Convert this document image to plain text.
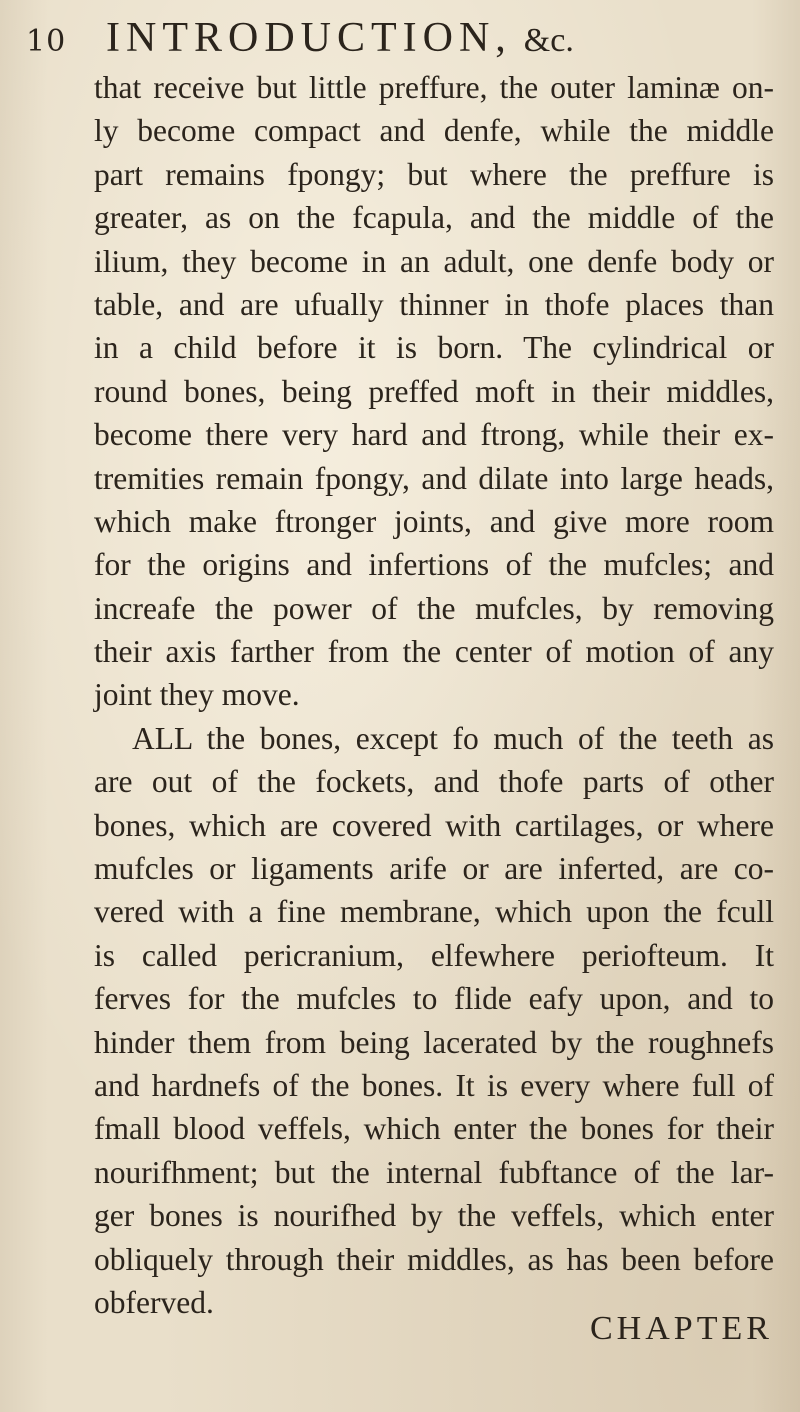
10 INTRODUCTION, &c.
that receive but little preffure, the outer laminæ on-
ly become compact and denfe, while the middle
part remains fpongy; but where the preffure is
greater, as on the fcapula, and the middle of the
ilium, they become in an adult, one denfe body or
table, and are ufually thinner in thofe places than
in a child before it is born. The cylindrical or
round bones, being preffed moft in their middles,
become there very hard and ftrong, while their ex-
tremities remain fpongy, and dilate into large heads,
which make ftronger joints, and give more room
for the origins and infertions of the mufcles; and
increafe the power of the mufcles, by removing
their axis farther from the center of motion of any
joint they move.
ALL the bones, except fo much of the teeth as
are out of the fockets, and thofe parts of other
bones, which are covered with cartilages, or where
mufcles or ligaments arife or are inferted, are co-
vered with a fine membrane, which upon the fcull
is called pericranium, elfewhere periofteum. It
ferves for the mufcles to flide eafy upon, and to
hinder them from being lacerated by the roughnefs
and hardnefs of the bones. It is every where full of
fmall blood veffels, which enter the bones for their
nourifhment; but the internal fubftance of the lar-
ger bones is nourifhed by the veffels, which enter
obliquely through their middles, as has been before
obferved.
CHAPTER
